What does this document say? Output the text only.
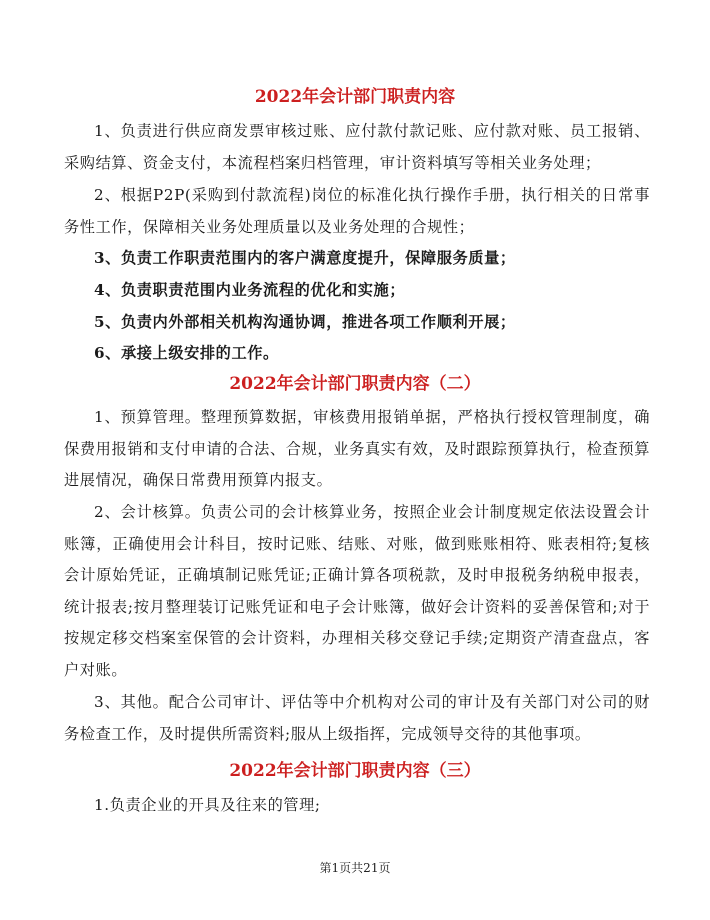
2022年会计部门职责内容

1、负责进行供应商发票审核过账、应付款付款记账、应付款对账、员工报销、采购结算、资金支付，本流程档案归档管理，审计资料填写等相关业务处理；

2、根据P2P(采购到付款流程)岗位的标准化执行操作手册，执行相关的日常事务性工作，保障相关业务处理质量以及业务处理的合规性；

3、负责工作职责范围内的客户满意度提升，保障服务质量；

4、负责职责范围内业务流程的优化和实施；

5、负责内外部相关机构沟通协调，推进各项工作顺利开展；

6、承接上级安排的工作。

2022年会计部门职责内容（二）

1、预算管理。整理预算数据，审核费用报销单据，严格执行授权管理制度，确保费用报销和支付申请的合法、合规，业务真实有效，及时跟踪预算执行，检查预算进展情况，确保日常费用预算内报支。

2、会计核算。负责公司的会计核算业务，按照企业会计制度规定依法设置会计账簿，正确使用会计科目，按时记账、结账、对账，做到账账相符、账表相符;复核会计原始凭证，正确填制记账凭证;正确计算各项税款，及时申报税务纳税申报表，统计报表;按月整理装订记账凭证和电子会计账簿，做好会计资料的妥善保管和;对于按规定移交档案室保管的会计资料，办理相关移交登记手续;定期资产清查盘点，客户对账。

3、其他。配合公司审计、评估等中介机构对公司的审计及有关部门对公司的财务检查工作，及时提供所需资料;服从上级指挥，完成领导交待的其他事项。

2022年会计部门职责内容（三）

1.负责企业的开具及往来的管理;

第1页共21页
